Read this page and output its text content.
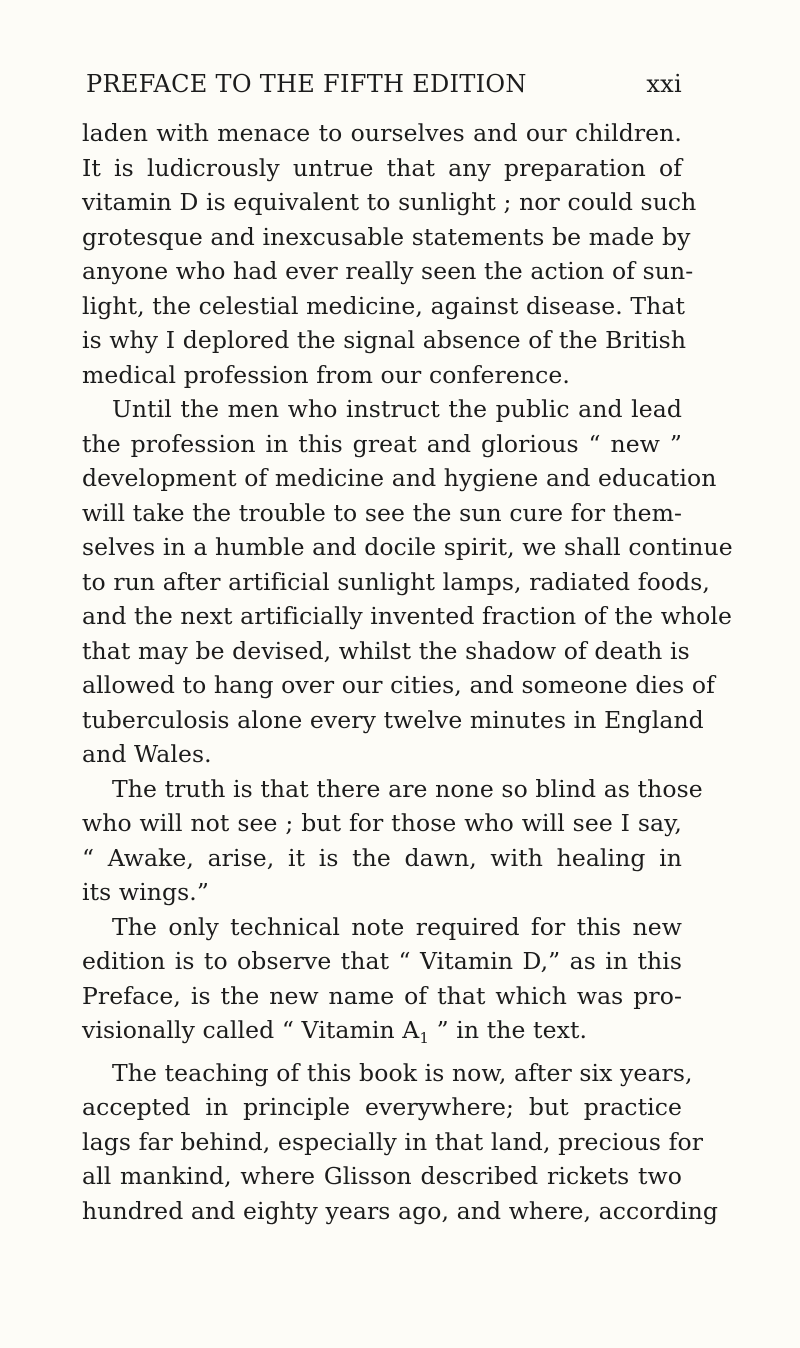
PREFACE TO THE FIFTH EDITION	xxi
laden with menace to ourselves and our children.
It is ludicrously untrue that any preparation of
vitamin D is equivalent to sunlight ; nor could such
grotesque and inexcusable statements be made by
anyone who had ever really seen the action of sun-
light, the celestial medicine, against disease. That
is why I deplored the signal absence of the British
medical profession from our conference.
Until the men who instruct the public and lead
the profession in this great and glorious “ new ”
development of medicine and hygiene and education
will take the trouble to see the sun cure for them-
selves in a humble and docile spirit, we shall continue
to run after artificial sunlight lamps, radiated foods,
and the next artificially invented fraction of the whole
that may be devised, whilst the shadow of death is
allowed to hang over our cities, and someone dies of
tuberculosis alone every twelve minutes in England
and Wales.
The truth is that there are none so blind as those
who will not see ; but for those who will see I say,
“ Awake, arise, it is the dawn, with healing in
its wings.”
The only technical note required for this new
edition is to observe that “ Vitamin D,” as in this
Preface, is the new name of that which was pro-
visionally called “ Vitamin $A_1$ ” in the text.
The teaching of this book is now, after six years,
accepted in principle everywhere; but practice
lags far behind, especially in that land, precious for
all mankind, where Glisson described rickets two
hundred and eighty years ago, and where, according
